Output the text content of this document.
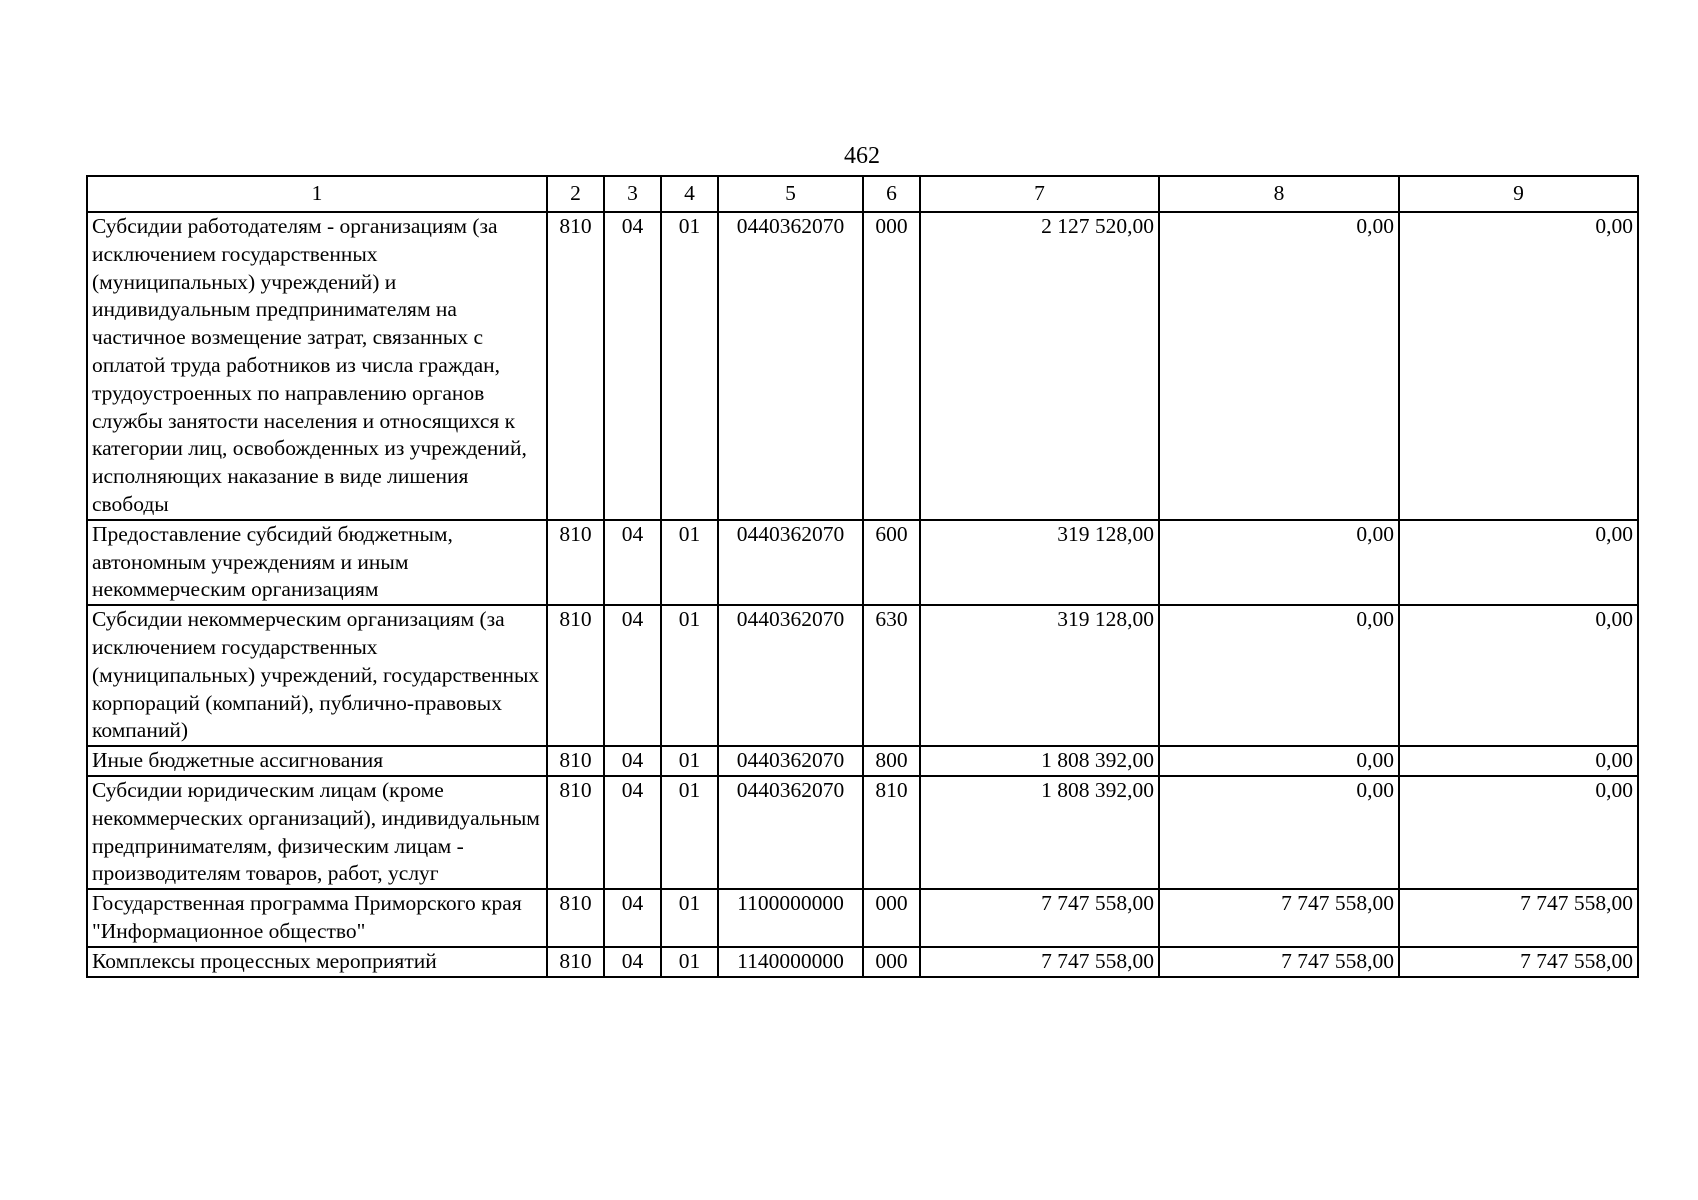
462
1	2	3	4	5	6	7	8	9
Субсидии работодателям - организациям (за исключением государственных (муниципальных) учреждений) и индивидуальным предпринимателям на частичное возмещение затрат, связанных с оплатой труда работников из числа граждан, трудоустроенных по направлению органов службы занятости населения и относящихся к категории лиц, освобожденных из учреждений, исполняющих наказание в виде лишения свободы	810	04	01	0440362070	000	2 127 520,00	0,00	0,00
Предоставление субсидий бюджетным, автономным учреждениям и иным некоммерческим организациям	810	04	01	0440362070	600	319 128,00	0,00	0,00
Субсидии некоммерческим организациям (за исключением государственных (муниципальных) учреждений, государственных корпораций (компаний), публично-правовых компаний)	810	04	01	0440362070	630	319 128,00	0,00	0,00
Иные бюджетные ассигнования	810	04	01	0440362070	800	1 808 392,00	0,00	0,00
Субсидии юридическим лицам (кроме некоммерческих организаций), индивидуальным предпринимателям, физическим лицам - производителям товаров, работ, услуг	810	04	01	0440362070	810	1 808 392,00	0,00	0,00
Государственная программа Приморского края "Информационное общество"	810	04	01	1100000000	000	7 747 558,00	7 747 558,00	7 747 558,00
Комплексы процессных мероприятий	810	04	01	1140000000	000	7 747 558,00	7 747 558,00	7 747 558,00
